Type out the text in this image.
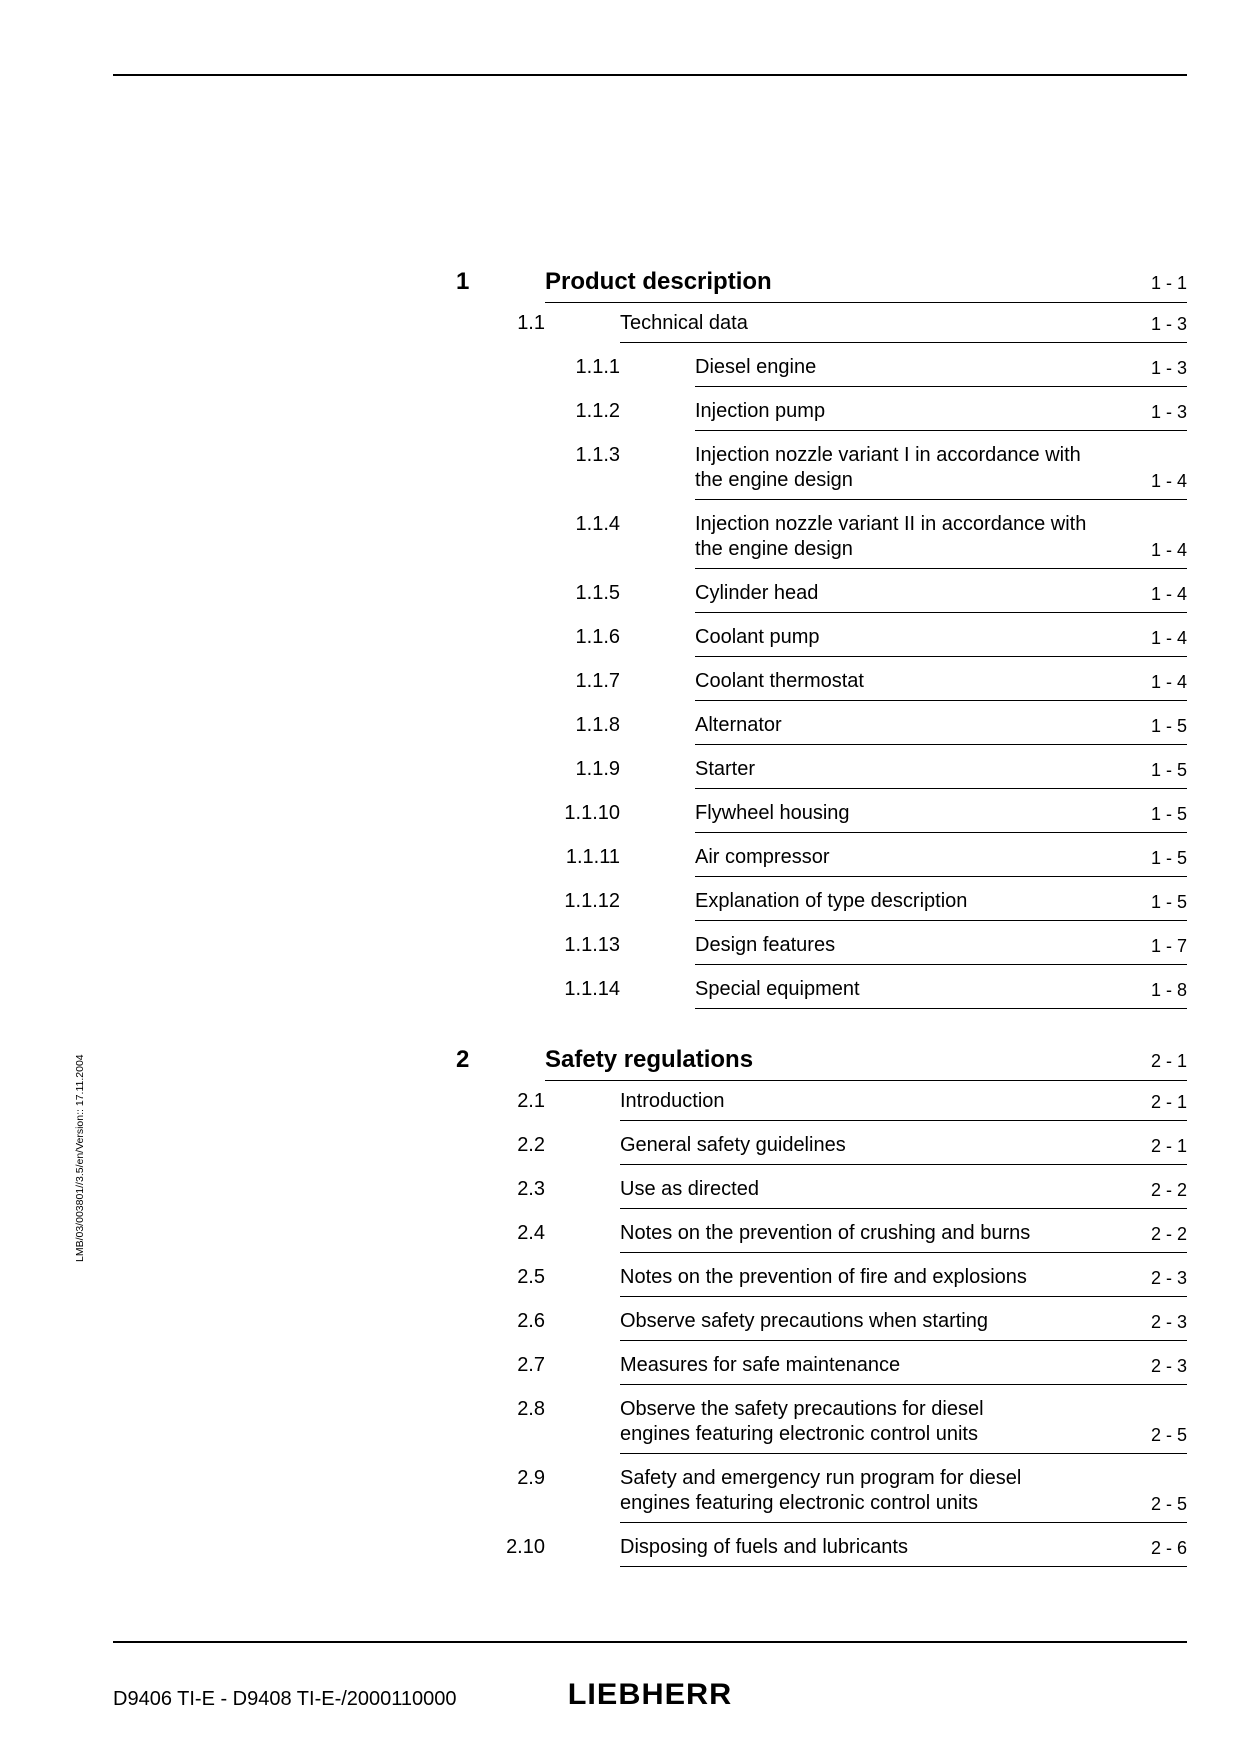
1	Product description	1 - 1
1.1	Technical data	1 - 3
1.1.1	Diesel engine	1 - 3
1.1.2	Injection pump	1 - 3
1.1.3	Injection nozzle variant I in accordance with
the engine design	1 - 4
1.1.4	Injection nozzle variant II in accordance with
the engine design	1 - 4
1.1.5	Cylinder head	1 - 4
1.1.6	Coolant pump	1 - 4
1.1.7	Coolant thermostat	1 - 4
1.1.8	Alternator	1 - 5
1.1.9	Starter	1 - 5
1.1.10	Flywheel housing	1 - 5
1.1.11	Air compressor	1 - 5
1.1.12	Explanation of type description	1 - 5
1.1.13	Design features	1 - 7
1.1.14	Special equipment	1 - 8
2	Safety regulations	2 - 1
2.1	Introduction	2 - 1
2.2	General safety guidelines	2 - 1
2.3	Use as directed	2 - 2
2.4	Notes on the prevention of crushing and burns	2 - 2
2.5	Notes on the prevention of fire and explosions	2 - 3
2.6	Observe safety precautions when starting	2 - 3
2.7	Measures for safe maintenance	2 - 3
2.8	Observe the safety precautions for diesel
engines featuring electronic control units	2 - 5
2.9	Safety and emergency run program for diesel
engines featuring electronic control units	2 - 5
2.10	Disposing of fuels and lubricants	2 - 6
LMB/03/003801//3.5/en/Version:: 17.11.2004
D9406 TI-E - D9408 TI-E-/2000110000	LIEBHERR
